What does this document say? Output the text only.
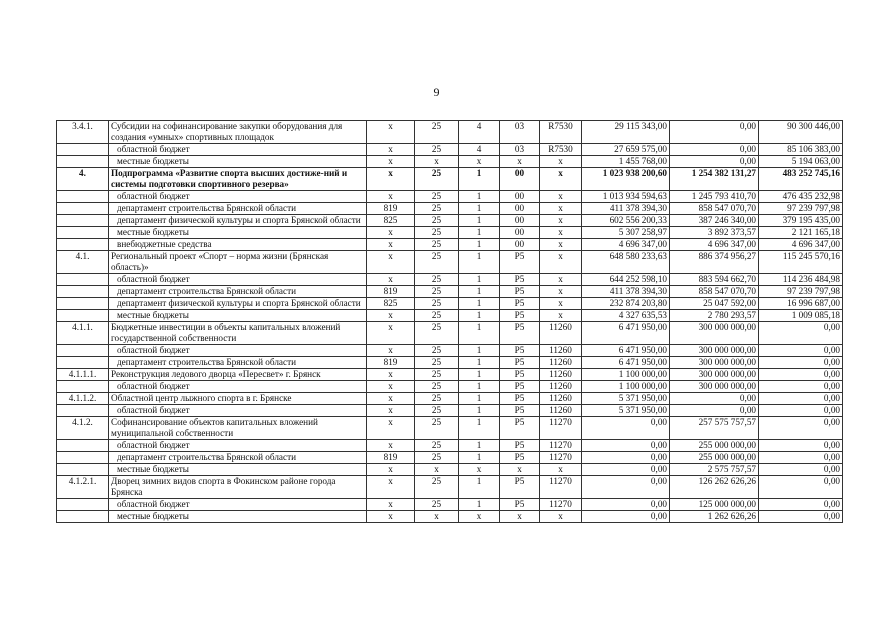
9
3.4.1.	Субсидии на софинансирование закупки оборудования для создания «умных» спортивных площадок	х	25	4	03	R7530	29 115 343,00	0,00	90 300 446,00
	областной бюджет	х	25	4	03	R7530	27 659 575,00	0,00	85 106 383,00
	местные бюджеты	х	х	х	х	х	1 455 768,00	0,00	5 194 063,00
4.	Подпрограмма «Развитие спорта высших достиже-ний и системы подготовки спортивного резерва»	х	25	1	00	х	1 023 938 200,60	1 254 382 131,27	483 252 745,16
	областной бюджет	х	25	1	00	х	1 013 934 594,63	1 245 793 410,70	476 435 232,98
	департамент строительства Брянской области	819	25	1	00	х	411 378 394,30	858 547 070,70	97 239 797,98
	департамент физической культуры и спорта Брянской области	825	25	1	00	х	602 556 200,33	387 246 340,00	379 195 435,00
	местные бюджеты	х	25	1	00	х	5 307 258,97	3 892 373,57	2 121 165,18
	внебюджетные средства	х	25	1	00	х	4 696 347,00	4 696 347,00	4 696 347,00
4.1.	Региональный проект «Спорт – норма жизни (Брянская область)»	х	25	1	Р5	х	648 580 233,63	886 374 956,27	115 245 570,16
	областной бюджет	х	25	1	Р5	х	644 252 598,10	883 594 662,70	114 236 484,98
	департамент строительства Брянской области	819	25	1	Р5	х	411 378 394,30	858 547 070,70	97 239 797,98
	департамент физической культуры и спорта Брянской области	825	25	1	Р5	х	232 874 203,80	25 047 592,00	16 996 687,00
	местные бюджеты	х	25	1	Р5	х	4 327 635,53	2 780 293,57	1 009 085,18
4.1.1.	Бюджетные инвестиции в объекты капитальных вложений государственной собственности	х	25	1	Р5	11260	6 471 950,00	300 000 000,00	0,00
	областной бюджет	х	25	1	Р5	11260	6 471 950,00	300 000 000,00	0,00
	департамент строительства Брянской области	819	25	1	Р5	11260	6 471 950,00	300 000 000,00	0,00
4.1.1.1.	Реконструкция ледового дворца «Пересвет» г. Брянск	х	25	1	Р5	11260	1 100 000,00	300 000 000,00	0,00
	областной бюджет	х	25	1	Р5	11260	1 100 000,00	300 000 000,00	0,00
4.1.1.2.	Областной центр лыжного спорта в г. Брянске	х	25	1	Р5	11260	5 371 950,00	0,00	0,00
	областной бюджет	х	25	1	Р5	11260	5 371 950,00	0,00	0,00
4.1.2.	Софинансирование объектов капитальных вложений муниципальной собственности	х	25	1	Р5	11270	0,00	257 575 757,57	0,00
	областной бюджет	х	25	1	Р5	11270	0,00	255 000 000,00	0,00
	департамент строительства Брянской области	819	25	1	Р5	11270	0,00	255 000 000,00	0,00
	местные бюджеты	х	х	х	х	х	0,00	2 575 757,57	0,00
4.1.2.1.	Дворец зимних видов спорта в Фокинском районе города Брянска	х	25	1	Р5	11270	0,00	126 262 626,26	0,00
	областной бюджет	х	25	1	Р5	11270	0,00	125 000 000,00	0,00
	местные бюджеты	х	х	х	х	х	0,00	1 262 626,26	0,00
